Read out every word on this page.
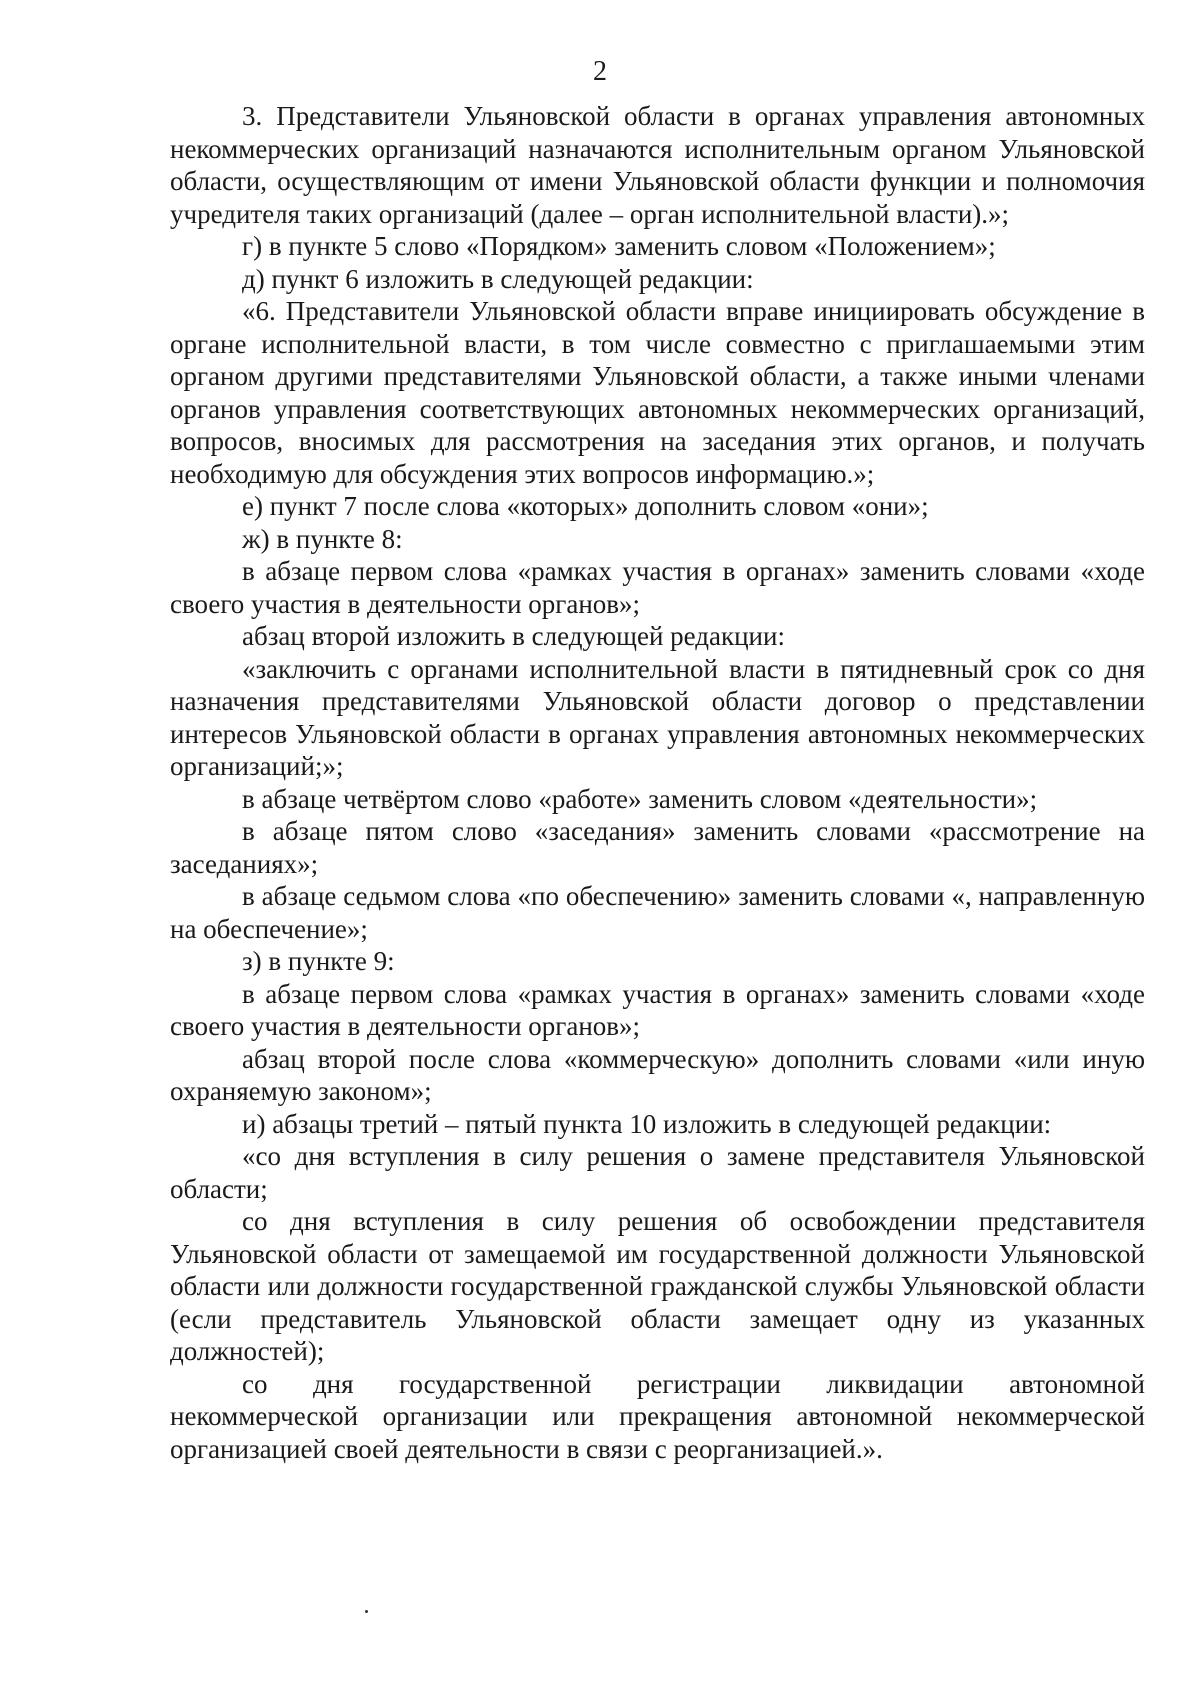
2

3. Представители Ульяновской области в органах управления автономных некоммерческих организаций назначаются исполнительным органом Ульяновской области, осуществляющим от имени Ульяновской области функции и полномочия учредителя таких организаций (далее – орган исполнительной власти).»;

г) в пункте 5 слово «Порядком» заменить словом «Положением»;

д) пункт 6 изложить в следующей редакции:

«6. Представители Ульяновской области вправе инициировать обсуждение в органе исполнительной власти, в том числе совместно с приглашаемыми этим органом другими представителями Ульяновской области, а также иными членами органов управления соответствующих автономных некоммерческих организаций, вопросов, вносимых для рассмотрения на заседания этих органов, и получать необходимую для обсуждения этих вопросов информацию.»;

е) пункт 7 после слова «которых» дополнить словом «они»;

ж) в пункте 8:

в абзаце первом слова «рамках участия в органах» заменить словами «ходе своего участия в деятельности органов»;

абзац второй изложить в следующей редакции:

«заключить с органами исполнительной власти в пятидневный срок со дня назначения представителями Ульяновской области договор о представлении интересов Ульяновской области в органах управления автономных некоммерческих организаций;»;

в абзаце четвёртом слово «работе» заменить словом «деятельности»;

в абзаце пятом слово «заседания» заменить словами «рассмотрение на заседаниях»;

в абзаце седьмом слова «по обеспечению» заменить словами «, направленную на обеспечение»;

з) в пункте 9:

в абзаце первом слова «рамках участия в органах» заменить словами «ходе своего участия в деятельности органов»;

абзац второй после слова «коммерческую» дополнить словами «или иную охраняемую законом»;

и) абзацы третий – пятый пункта 10 изложить в следующей редакции:

«со дня вступления в силу решения о замене представителя Ульяновской области;

со дня вступления в силу решения об освобождении представителя Ульяновской области от замещаемой им государственной должности Ульяновской области или должности государственной гражданской службы Ульяновской области (если представитель Ульяновской области замещает одну из указанных должностей);

со дня государственной регистрации ликвидации автономной некоммерческой организации или прекращения автономной некоммерческой организацией своей деятельности в связи с реорганизацией.».
